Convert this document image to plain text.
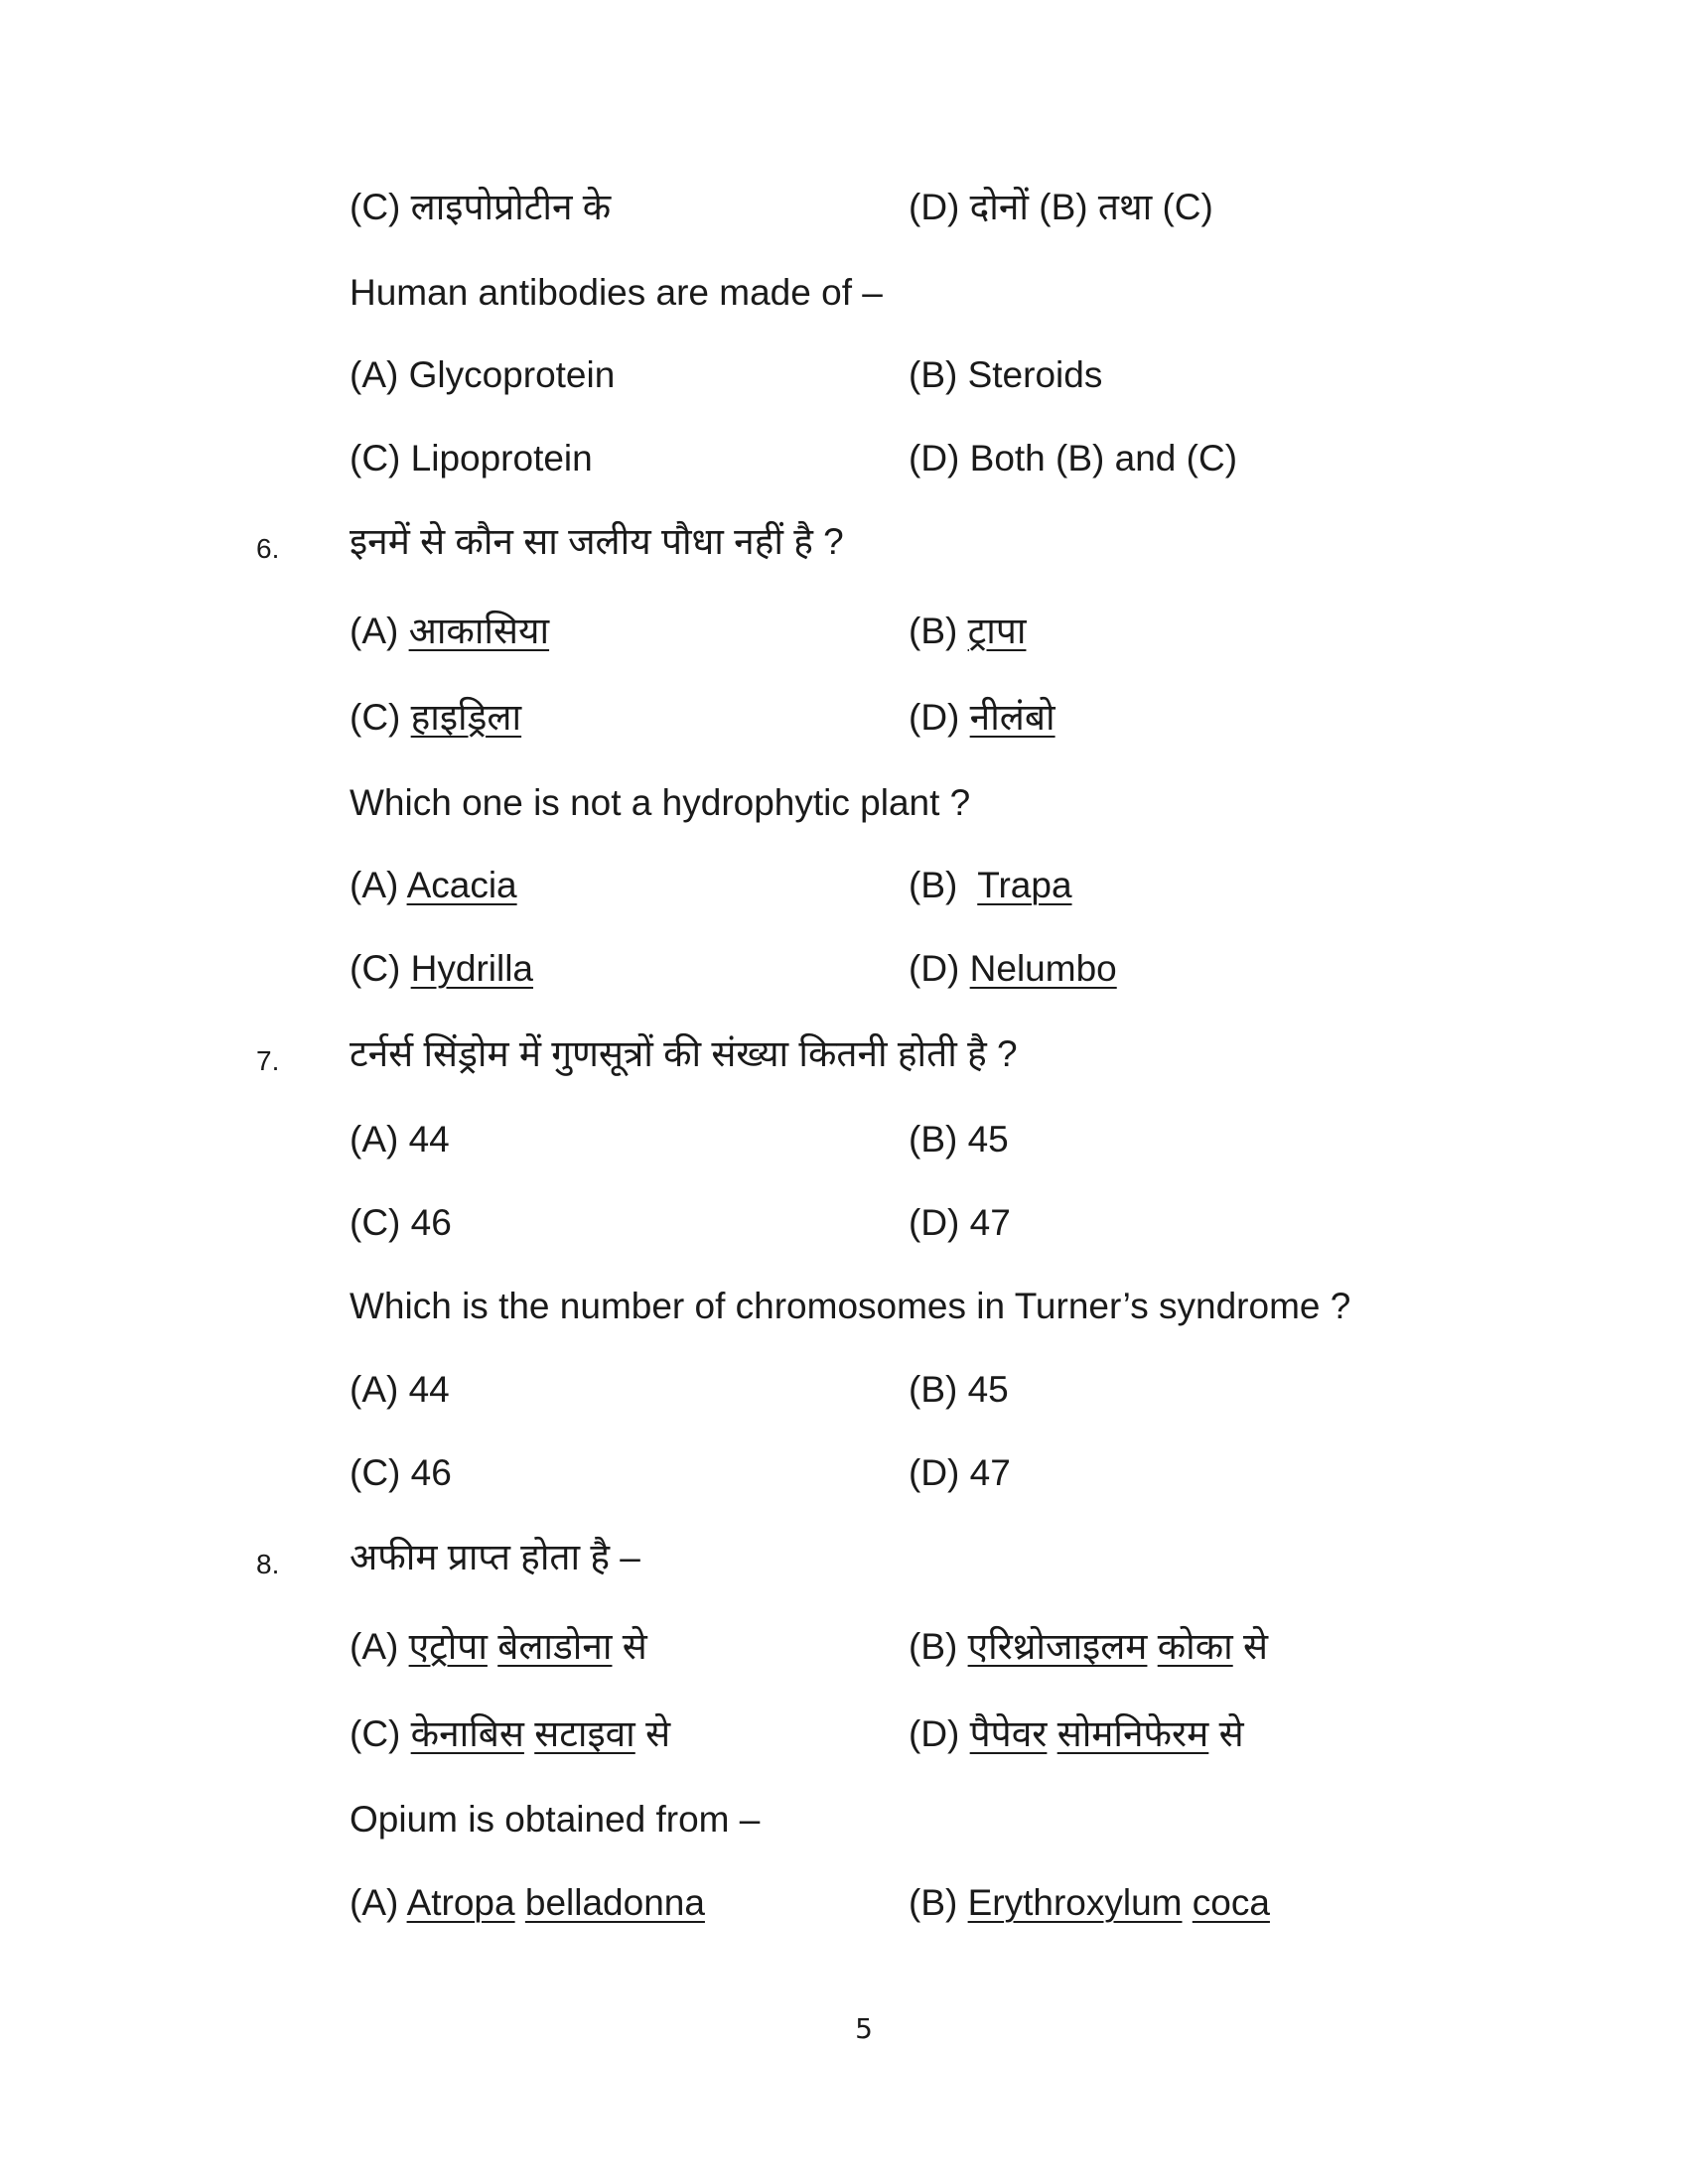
(C) लाइपोप्रोटीन के	(D) दोनों (B) तथा (C)
Human antibodies are made of –
(A) Glycoprotein	(B) Steroids
(C) Lipoprotein	(D) Both (B) and (C)
6. इनमें से कौन सा जलीय पौधा नहीं है ?
(A) आकासिया	(B) ट्रापा
(C) हाइड्रिला	(D) नीलंबो
Which one is not a hydrophytic plant ?
(A) Acacia	(B) Trapa
(C) Hydrilla	(D) Nelumbo
7. टर्नर्स सिंड्रोम में गुणसूत्रों की संख्या कितनी होती है ?
(A) 44	(B) 45
(C) 46	(D) 47
Which is the number of chromosomes in Turner’s syndrome ?
(A) 44	(B) 45
(C) 46	(D) 47
8. अफीम प्राप्त होता है –
(A) एट्रोपा बेलाडोना से	(B) एरिथ्रोजाइलम कोका से
(C) केनाबिस सटाइवा से	(D) पैपेवर सोमनिफेरम से
Opium is obtained from –
(A) Atropa belladonna	(B) Erythroxylum coca
5
